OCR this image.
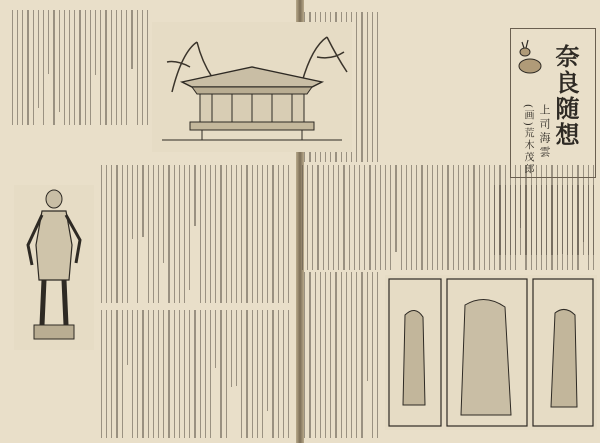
奈良随想
上司海雲
(画)荒木茂郎
